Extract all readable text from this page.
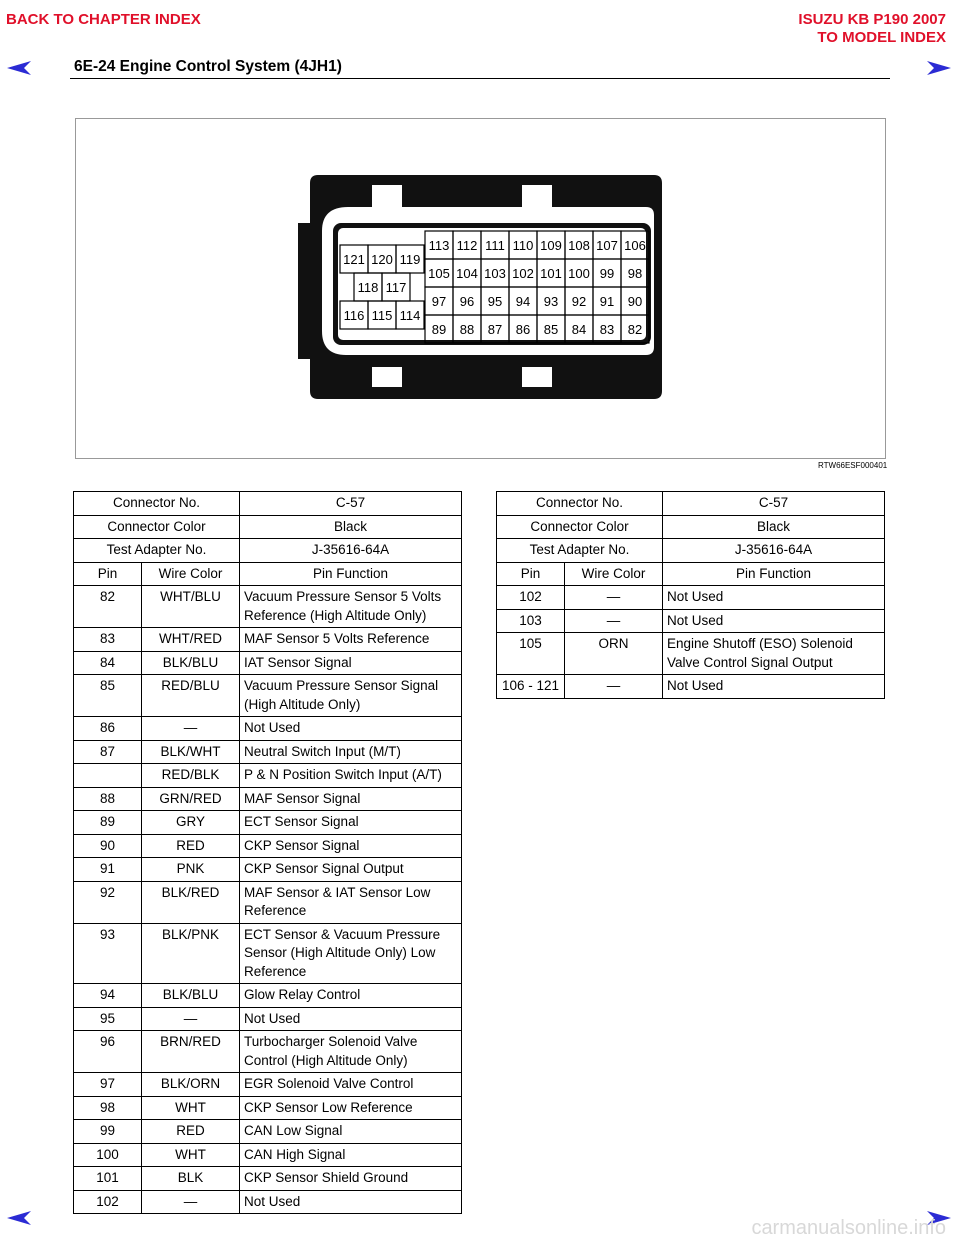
BACK TO CHAPTER INDEX	ISUZU KB P190 2007
TO MODEL INDEX
6E-24 Engine Control System (4JH1)
113 112 111 110 109 108 107 106
105 104 103 102 101 100 99 98
97 96 95 94 93 92 91 90
89 88 87 86 85 84 83 82
121 120 119
118 117
116 115 114
RTW66ESF000401
Connector No.		C-57
Connector Color		Black
Test Adapter No.		J-35616-64A
Pin	Wire Color	Pin Function
82	WHT/BLU	Vacuum Pressure Sensor 5 Volts Reference (High Altitude Only)
83	WHT/RED	MAF Sensor 5 Volts Reference
84	BLK/BLU	IAT Sensor Signal
85	RED/BLU	Vacuum Pressure Sensor Signal (High Altitude Only)
86	—	Not Used
87	BLK/WHT	Neutral Switch Input (M/T)
	RED/BLK	P & N Position Switch Input (A/T)
88	GRN/RED	MAF Sensor Signal
89	GRY	ECT Sensor Signal
90	RED	CKP Sensor Signal
91	PNK	CKP Sensor Signal Output
92	BLK/RED	MAF Sensor & IAT Sensor Low Reference
93	BLK/PNK	ECT Sensor & Vacuum Pressure Sensor (High Altitude Only) Low Reference
94	BLK/BLU	Glow Relay Control
95	—	Not Used
96	BRN/RED	Turbocharger Solenoid Valve Control (High Altitude Only)
97	BLK/ORN	EGR Solenoid Valve Control
98	WHT	CKP Sensor Low Reference
99	RED	CAN Low Signal
100	WHT	CAN High Signal
101	BLK	CKP Sensor Shield Ground
102	—	Not Used
Connector No.		C-57
Connector Color		Black
Test Adapter No.		J-35616-64A
Pin	Wire Color	Pin Function
102	—	Not Used
103	—	Not Used
105	ORN	Engine Shutoff (ESO) Solenoid Valve Control Signal Output
106 - 121	—	Not Used
carmanualsonline.info
